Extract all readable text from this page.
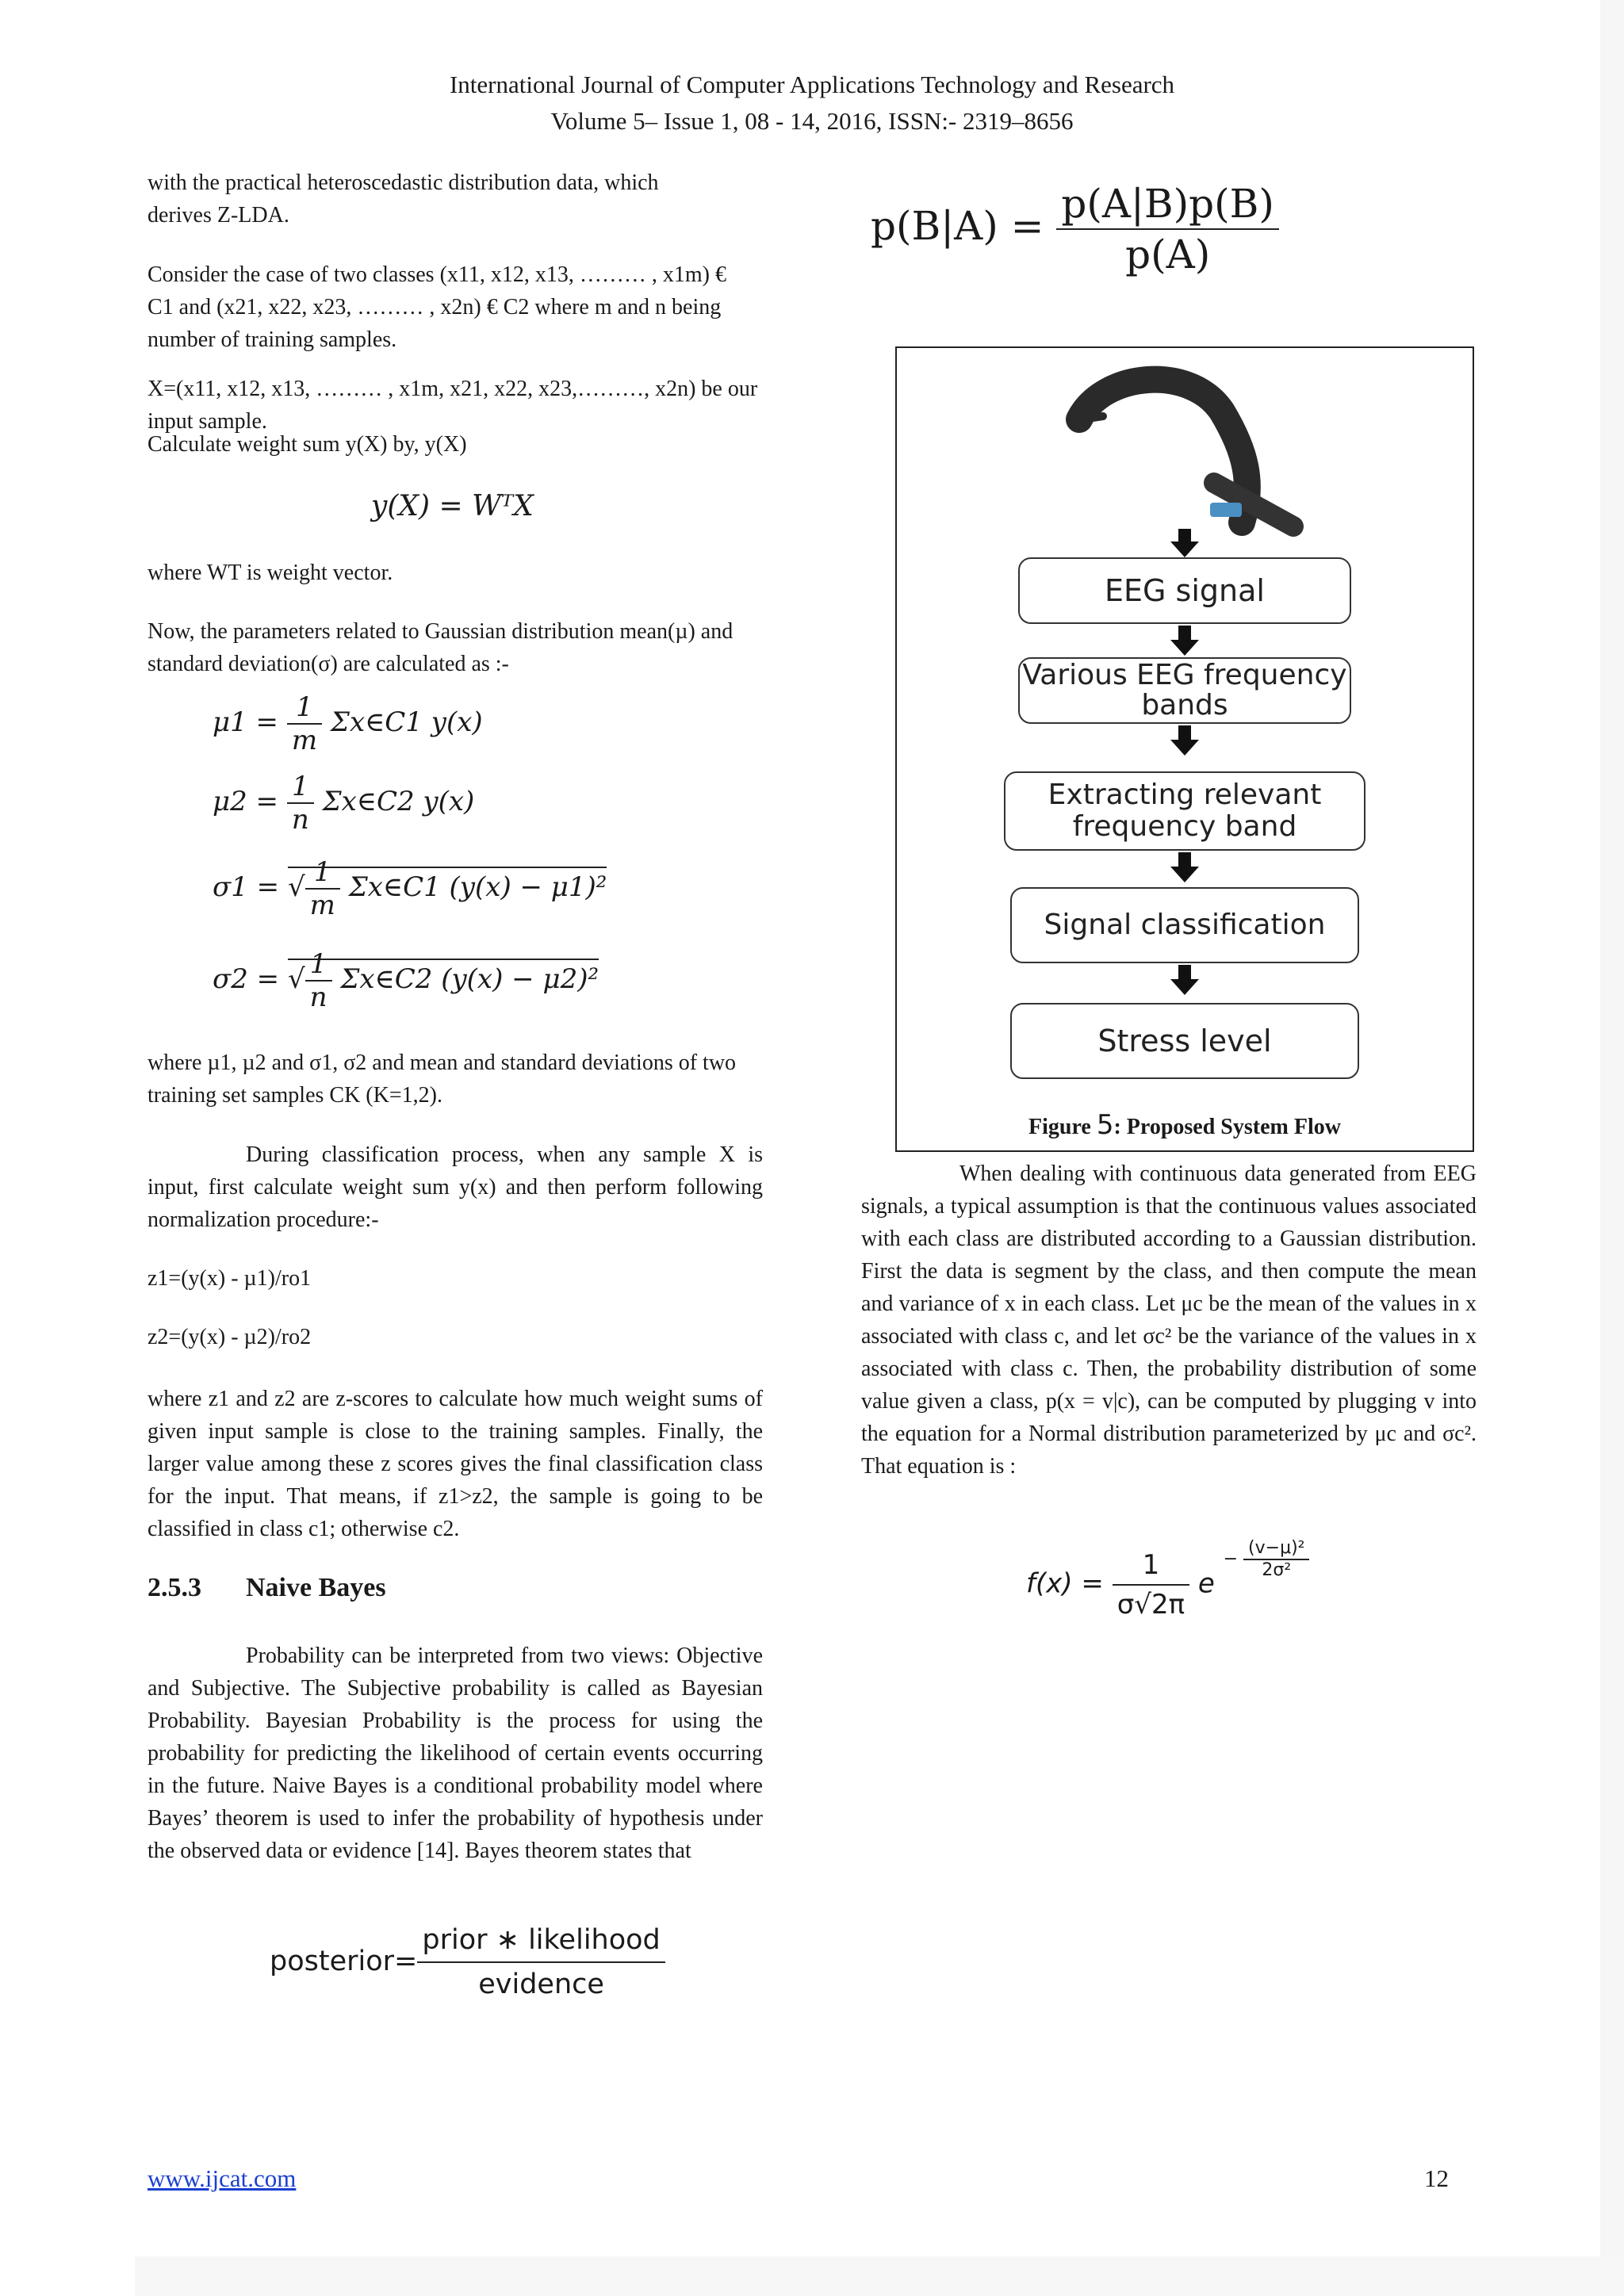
International Journal of Computer Applications Technology and Research
Volume 5– Issue 1, 08 - 14, 2016, ISSN:- 2319–8656
with the practical heteroscedastic distribution data, which derives Z-LDA.
Consider the case of two classes (x11, x12, x13, ……… , x1m) € C1 and (x21, x22, x23, ……… , x2n) € C2 where m and n being number of training samples.
X=(x11, x12, x13, ……… , x1m, x21, x22, x23,………, x2n) be our input sample.
Calculate weight sum y(X) by, y(X)
y(X) = WᵀX
where WT is weight vector.
Now, the parameters related to Gaussian distribution mean(µ) and standard deviation(σ) are calculated as :-
$\mu 1 = \frac{1}{m}$ Σx∈C1 y(x)
$\mu 2 = \frac{1}{n}$ Σx∈C2 y(x)
σ1 = √ $\frac{1}{m}$ Σx∈C1 (y(x) − μ1)²
σ2 = √ $\frac{1}{n}$ Σx∈C2 (y(x) − μ2)²
where µ1, µ2 and σ1, σ2 and mean and standard deviations of two training set samples CK (K=1,2).
During classification process, when any sample X is input, first calculate weight sum y(x) and then perform following normalization procedure:-
z1=(y(x) - µ1)/ro1
z2=(y(x) - µ2)/ro2
where z1 and z2 are z-scores to calculate how much weight sums of given input sample is close to the training samples. Finally, the larger value among these z scores gives the final classification class for the input. That means, if z1>z2, the sample is going to be classified in class c1; otherwise c2.
2.5.3 Naive Bayes
Probability can be interpreted from two views: Objective and Subjective. The Subjective probability is called as Bayesian Probability. Bayesian Probability is the process for using the probability for predicting the likelihood of certain events occurring in the future. Naive Bayes is a conditional probability model where Bayes’ theorem is used to infer the probability of hypothesis under the observed data or evidence [14]. Bayes theorem states that
posterior= $\frac{\text{prior ∗ likelihood}}{\text{evidence}}$
$p(B|A) = \frac{p(A|B)p(B)}{p(A)}$
EEG signal
Various EEG frequency bands
Extracting relevant frequency band
Signal classification
Stress level
Figure 5: Proposed System Flow
When dealing with continuous data generated from EEG signals, a typical assumption is that the continuous values associated with each class are distributed according to a Gaussian distribution. First the data is segment by the class, and then compute the mean and variance of x in each class. Let μc be the mean of the values in x associated with class c, and let σc² be the variance of the values in x associated with class c. Then, the probability distribution of some value given a class, p(x = v|c), can be computed by plugging v into the equation for a Normal distribution parameterized by μc and σc². That equation is :
$f(x) = \frac{1}{\sigma√2\pi}$ e $^{- \frac{\text{(v−μ)²}}{\text{2σ²}}}$
www.ijcat.com	12
